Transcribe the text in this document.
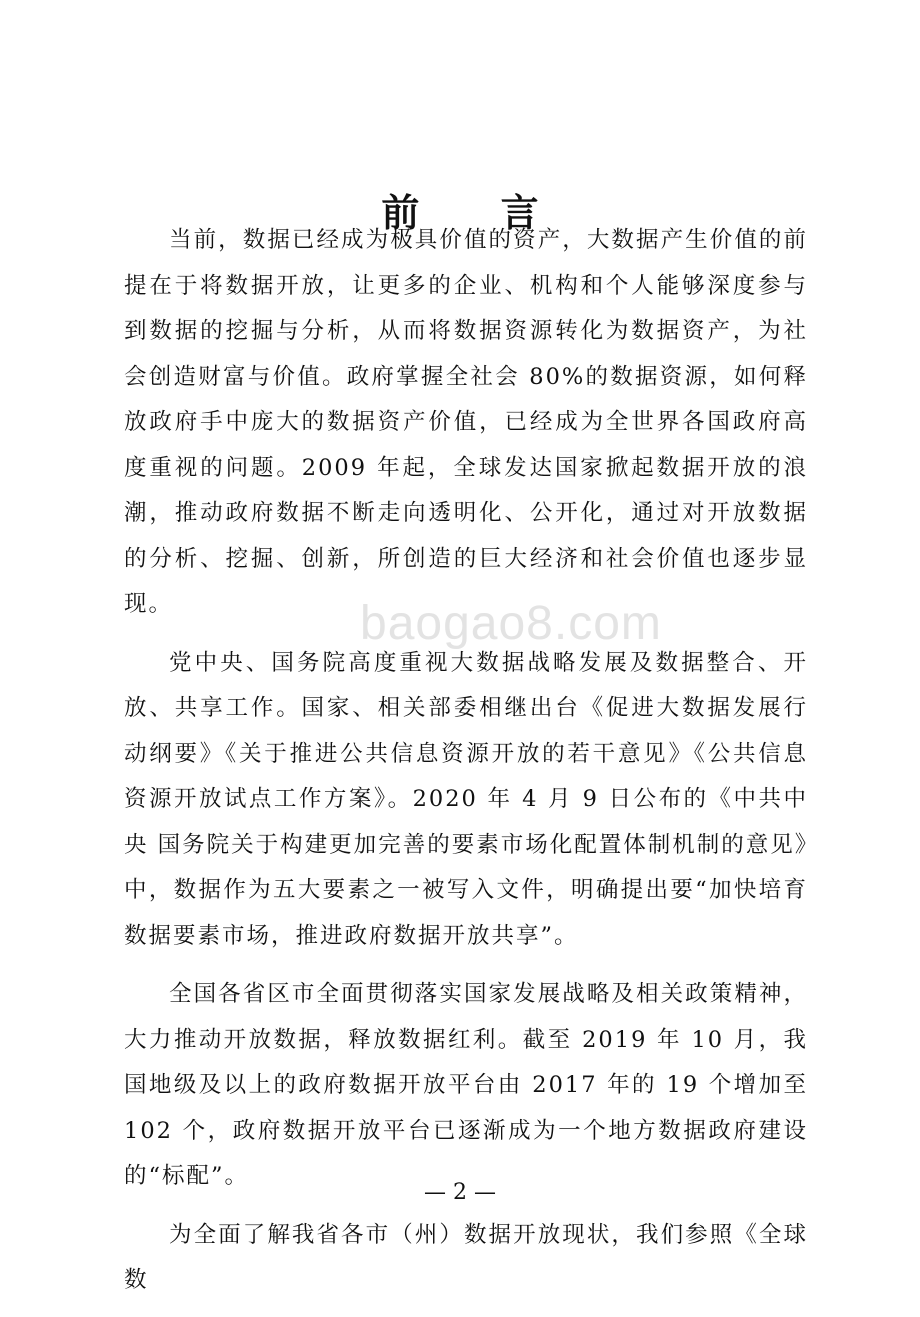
baogao8.com
前 言

当前，数据已经成为极具价值的资产，大数据产生价值的前提在于将数据开放，让更多的企业、机构和个人能够深度参与到数据的挖掘与分析，从而将数据资源转化为数据资产，为社会创造财富与价值。政府掌握全社会 80%的数据资源，如何释放政府手中庞大的数据资产价值，已经成为全世界各国政府高度重视的问题。2009 年起，全球发达国家掀起数据开放的浪潮，推动政府数据不断走向透明化、公开化，通过对开放数据的分析、挖掘、创新，所创造的巨大经济和社会价值也逐步显现。

党中央、国务院高度重视大数据战略发展及数据整合、开放、共享工作。国家、相关部委相继出台《促进大数据发展行动纲要》《关于推进公共信息资源开放的若干意见》《公共信息资源开放试点工作方案》。2020 年 4 月 9 日公布的《中共中央 国务院关于构建更加完善的要素市场化配置体制机制的意见》中，数据作为五大要素之一被写入文件，明确提出要“加快培育数据要素市场，推进政府数据开放共享”。

全国各省区市全面贯彻落实国家发展战略及相关政策精神，大力推动开放数据，释放数据红利。截至 2019 年 10 月，我国地级及以上的政府数据开放平台由 2017 年的 19 个增加至 102 个，政府数据开放平台已逐渐成为一个地方数据政府建设的“标配”。

为全面了解我省各市（州）数据开放现状，我们参照《全球数

— 2 —
